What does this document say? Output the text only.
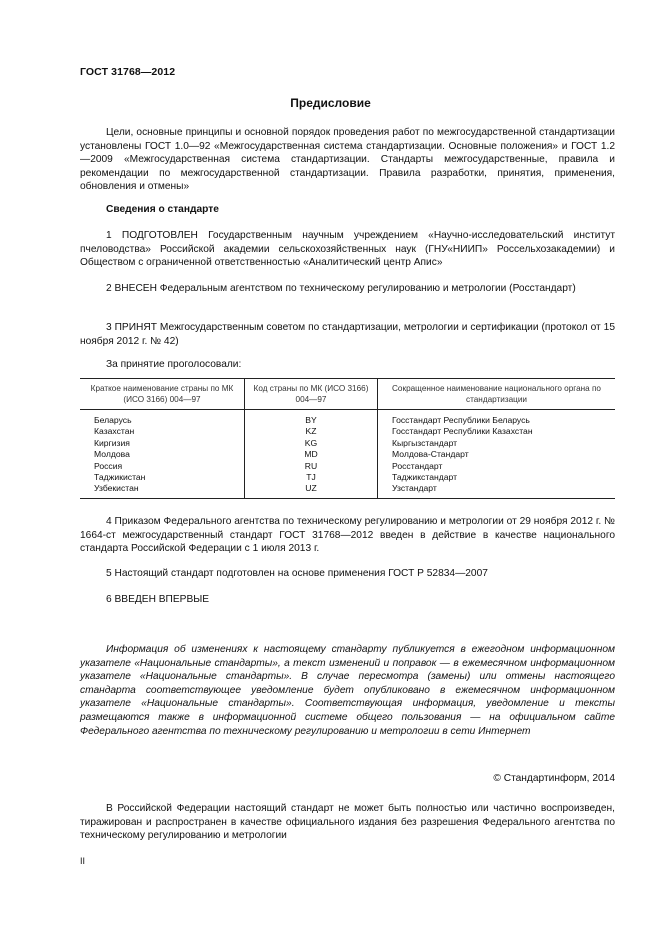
ГОСТ 31768—2012
Предисловие
Цели, основные принципы и основной порядок проведения работ по межгосударственной стандартизации установлены ГОСТ 1.0—92 «Межгосударственная система стандартизации. Основные положения» и ГОСТ 1.2—2009 «Межгосударственная система стандартизации. Стандарты межгосударственные, правила и рекомендации по межгосударственной стандартизации. Правила разработки, принятия, применения, обновления и отмены»
Сведения о стандарте
1 ПОДГОТОВЛЕН Государственным научным учреждением «Научно-исследовательский институт пчеловодства» Российской академии сельскохозяйственных наук (ГНУ«НИИП» Россельхозакадемии) и Обществом с ограниченной ответственностью «Аналитический центр Апис»
2 ВНЕСЕН Федеральным агентством по техническому регулированию и метрологии (Росстандарт)
3 ПРИНЯТ Межгосударственным советом по стандартизации, метрологии и сертификации (протокол от 15 ноября 2012 г. № 42)
За принятие проголосовали:
Краткое наименование страны по МК (ИСО 3166) 004—97	Код страны по МК (ИСО 3166) 004—97	Сокращенное наименование национального органа по стандартизации
Беларусь	BY	Госстандарт Республики Беларусь
Казахстан	KZ	Госстандарт Республики Казахстан
Киргизия	KG	Кыргызстандарт
Молдова	MD	Молдова-Стандарт
Россия	RU	Росстандарт
Таджикистан	TJ	Таджикстандарт
Узбекистан	UZ	Узстандарт
4 Приказом Федерального агентства по техническому регулированию и метрологии от 29 ноября 2012 г. № 1664-ст межгосударственный стандарт ГОСТ 31768—2012 введен в действие в качестве национального стандарта Российской Федерации с 1 июля 2013 г.
5 Настоящий стандарт подготовлен на основе применения ГОСТ Р 52834—2007
6 ВВЕДЕН ВПЕРВЫЕ
Информация об изменениях к настоящему стандарту публикуется в ежегодном информационном указателе «Национальные стандарты», а текст изменений и поправок — в ежемесячном информационном указателе «Национальные стандарты». В случае пересмотра (замены) или отмены настоящего стандарта соответствующее уведомление будет опубликовано в ежемесячном информационном указателе «Национальные стандарты». Соответствующая информация, уведомление и тексты размещаются также в информационной системе общего пользования — на официальном сайте Федерального агентства по техническому регулированию и метрологии в сети Интернет
© Стандартинформ, 2014
В Российской Федерации настоящий стандарт не может быть полностью или частично воспроизведен, тиражирован и распространен в качестве официального издания без разрешения Федерального агентства по техническому регулированию и метрологии
II
